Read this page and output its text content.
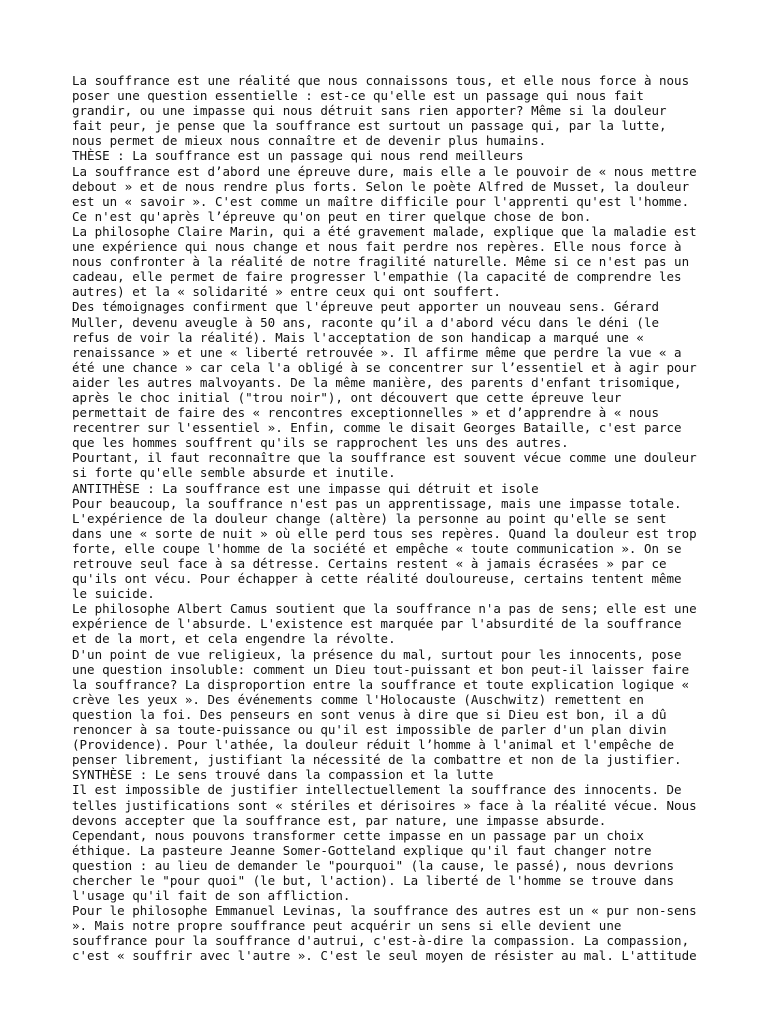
La souffrance est une réalité que nous connaissons tous, et elle nous force à nous
poser une question essentielle : est-ce qu'elle est un passage qui nous fait
grandir, ou une impasse qui nous détruit sans rien apporter? Même si la douleur
fait peur, je pense que la souffrance est surtout un passage qui, par la lutte,
nous permet de mieux nous connaître et de devenir plus humains.
THÈSE : La souffrance est un passage qui nous rend meilleurs
La souffrance est d’abord une épreuve dure, mais elle a le pouvoir de « nous mettre
debout » et de nous rendre plus forts. Selon le poète Alfred de Musset, la douleur
est un « savoir ». C'est comme un maître difficile pour l'apprenti qu'est l'homme.
Ce n'est qu'après l’épreuve qu'on peut en tirer quelque chose de bon.
La philosophe Claire Marin, qui a été gravement malade, explique que la maladie est
une expérience qui nous change et nous fait perdre nos repères. Elle nous force à
nous confronter à la réalité de notre fragilité naturelle. Même si ce n'est pas un
cadeau, elle permet de faire progresser l'empathie (la capacité de comprendre les
autres) et la « solidarité » entre ceux qui ont souffert.
Des témoignages confirment que l'épreuve peut apporter un nouveau sens. Gérard
Muller, devenu aveugle à 50 ans, raconte qu’il a d'abord vécu dans le déni (le
refus de voir la réalité). Mais l'acceptation de son handicap a marqué une «
renaissance » et une « liberté retrouvée ». Il affirme même que perdre la vue « a
été une chance » car cela l'a obligé à se concentrer sur l’essentiel et à agir pour
aider les autres malvoyants. De la même manière, des parents d'enfant trisomique,
après le choc initial ("trou noir"), ont découvert que cette épreuve leur
permettait de faire des « rencontres exceptionnelles » et d’apprendre à « nous
recentrer sur l'essentiel ». Enfin, comme le disait Georges Bataille, c'est parce
que les hommes souffrent qu'ils se rapprochent les uns des autres.
Pourtant, il faut reconnaître que la souffrance est souvent vécue comme une douleur
si forte qu'elle semble absurde et inutile.
ANTITHÈSE : La souffrance est une impasse qui détruit et isole
Pour beaucoup, la souffrance n'est pas un apprentissage, mais une impasse totale.
L'expérience de la douleur change (altère) la personne au point qu'elle se sent
dans une « sorte de nuit » où elle perd tous ses repères. Quand la douleur est trop
forte, elle coupe l'homme de la société et empêche « toute communication ». On se
retrouve seul face à sa détresse. Certains restent « à jamais écrasées » par ce
qu'ils ont vécu. Pour échapper à cette réalité douloureuse, certains tentent même
le suicide.
Le philosophe Albert Camus soutient que la souffrance n'a pas de sens; elle est une
expérience de l'absurde. L'existence est marquée par l'absurdité de la souffrance
et de la mort, et cela engendre la révolte.
D'un point de vue religieux, la présence du mal, surtout pour les innocents, pose
une question insoluble: comment un Dieu tout-puissant et bon peut-il laisser faire
la souffrance? La disproportion entre la souffrance et toute explication logique «
crève les yeux ». Des événements comme l'Holocauste (Auschwitz) remettent en
question la foi. Des penseurs en sont venus à dire que si Dieu est bon, il a dû
renoncer à sa toute-puissance ou qu'il est impossible de parler d'un plan divin
(Providence). Pour l'athée, la douleur réduit l’homme à l'animal et l'empêche de
penser librement, justifiant la nécessité de la combattre et non de la justifier.
SYNTHÈSE : Le sens trouvé dans la compassion et la lutte
Il est impossible de justifier intellectuellement la souffrance des innocents. De
telles justifications sont « stériles et dérisoires » face à la réalité vécue. Nous
devons accepter que la souffrance est, par nature, une impasse absurde.
Cependant, nous pouvons transformer cette impasse en un passage par un choix
éthique. La pasteure Jeanne Somer-Gotteland explique qu'il faut changer notre
question : au lieu de demander le "pourquoi" (la cause, le passé), nous devrions
chercher le "pour quoi" (le but, l'action). La liberté de l'homme se trouve dans
l'usage qu'il fait de son affliction.
Pour le philosophe Emmanuel Levinas, la souffrance des autres est un « pur non-sens
». Mais notre propre souffrance peut acquérir un sens si elle devient une
souffrance pour la souffrance d'autrui, c'est-à-dire la compassion. La compassion,
c'est « souffrir avec l'autre ». C'est le seul moyen de résister au mal. L'attitude
